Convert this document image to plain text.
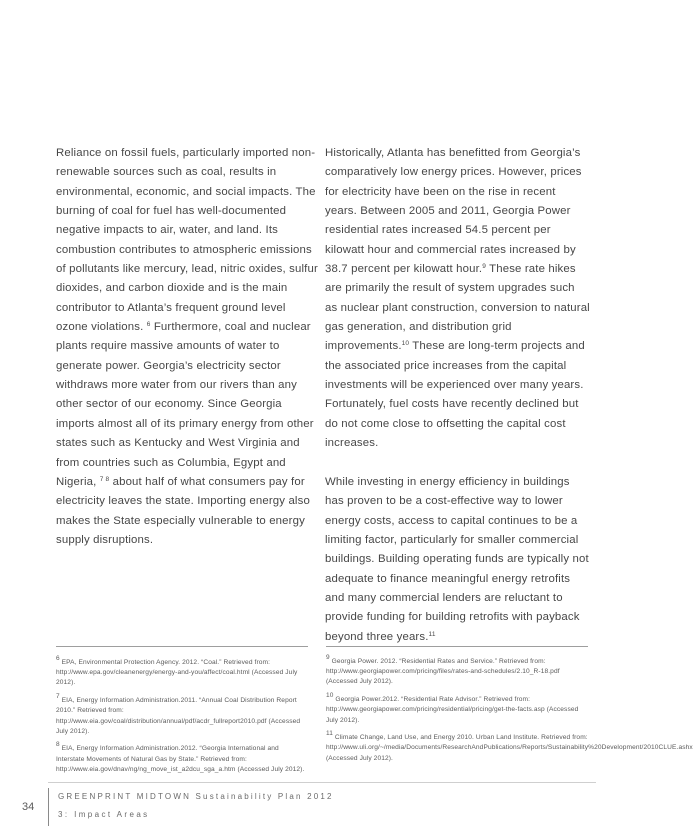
Reliance on fossil fuels, particularly imported non-renewable sources such as coal, results in environmental, economic, and social impacts. The burning of coal for fuel has well-documented negative impacts to air, water, and land. Its combustion contributes to atmospheric emissions of pollutants like mercury, lead, nitric oxides, sulfur dioxides, and carbon dioxide and is the main contributor to Atlanta’s frequent ground level ozone violations. $^6$ Furthermore, coal and nuclear plants require massive amounts of water to generate power. Georgia’s electricity sector withdraws more water from our rivers than any other sector of our economy. Since Georgia imports almost all of its primary energy from other states such as Kentucky and West Virginia and from countries such as Columbia, Egypt and Nigeria, $^{7 8}$ about half of what consumers pay for electricity leaves the state. Importing energy also makes the State especially vulnerable to energy supply disruptions.

Historically, Atlanta has benefitted from Georgia’s comparatively low energy prices. However, prices for electricity have been on the rise in recent years. Between 2005 and 2011, Georgia Power residential rates increased 54.5 percent per kilowatt hour and commercial rates increased by 38.7 percent per kilowatt hour.$^9$ These rate hikes are primarily the result of system upgrades such as nuclear plant construction, conversion to natural gas generation, and distribution grid improvements.$^{10}$ These are long-term projects and the associated price increases from the capital investments will be experienced over many years. Fortunately, fuel costs have recently declined but do not come close to offsetting the capital cost increases.

While investing in energy efficiency in buildings has proven to be a cost-effective way to lower energy costs, access to capital continues to be a limiting factor, particularly for smaller commercial buildings. Building operating funds are typically not adequate to finance meaningful energy retrofits and many commercial lenders are reluctant to provide funding for building retrofits with payback beyond three years.$^{11}$

$^6$ EPA, Environmental Protection Agency. 2012. “Coal.” Retrieved from: http://www.epa.gov/cleanenergy/energy-and-you/affect/coal.html (Accessed July 2012).

$^7$ EIA, Energy Information Administration.2011. “Annual Coal Distribution Report 2010.” Retrieved from: http://www.eia.gov/coal/distribution/annual/pdf/acdr_fullreport2010.pdf (Accessed July 2012).

$^8$ EIA, Energy Information Administration.2012. “Georgia International and Interstate Movements of Natural Gas by State.” Retrieved from: http://www.eia.gov/dnav/ng/ng_move_ist_a2dcu_sga_a.htm (Accessed July 2012).

$^9$ Georgia Power. 2012. “Residential Rates and Service.” Retrieved from: http://www.georgiapower.com/pricing/files/rates-and-schedules/2.10_R-18.pdf (Accessed July 2012).

$^{10}$ Georgia Power.2012. “Residential Rate Advisor.” Retrieved from: http://www.georgiapower.com/pricing/residential/pricing/get-the-facts.asp (Accessed July 2012).

$^{11}$ Climate Change, Land Use, and Energy 2010. Urban Land Institute. Retrieved from: http://www.uli.org/~/media/Documents/ResearchAndPublications/Reports/Sustainability%20Development/2010CLUE.ashx (Accessed July 2012).

34
GREENPRINT MIDTOWN Sustainability Plan 2012
3: Impact Areas
